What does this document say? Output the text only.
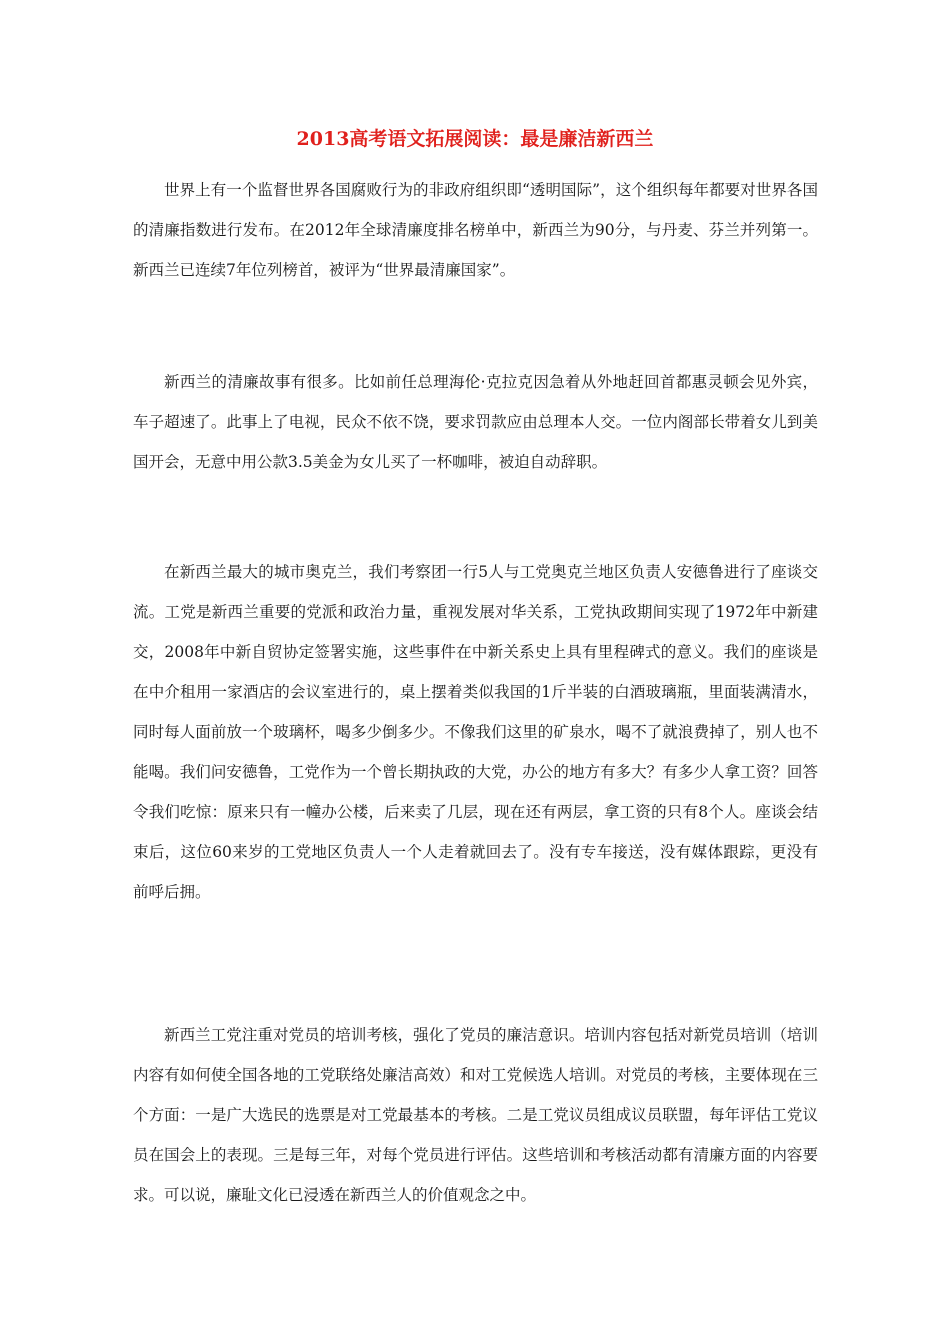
2013高考语文拓展阅读：最是廉洁新西兰

世界上有一个监督世界各国腐败行为的非政府组织即“透明国际”，这个组织每年都要对世界各国的清廉指数进行发布。在2012年全球清廉度排名榜单中，新西兰为90分，与丹麦、芬兰并列第一。新西兰已连续7年位列榜首，被评为“世界最清廉国家”。

新西兰的清廉故事有很多。比如前任总理海伦·克拉克因急着从外地赶回首都惠灵顿会见外宾，车子超速了。此事上了电视，民众不依不饶，要求罚款应由总理本人交。一位内阁部长带着女儿到美国开会，无意中用公款3.5美金为女儿买了一杯咖啡，被迫自动辞职。

在新西兰最大的城市奥克兰，我们考察团一行5人与工党奥克兰地区负责人安德鲁进行了座谈交流。工党是新西兰重要的党派和政治力量，重视发展对华关系，工党执政期间实现了1972年中新建交，2008年中新自贸协定签署实施，这些事件在中新关系史上具有里程碑式的意义。我们的座谈是在中介租用一家酒店的会议室进行的，桌上摆着类似我国的1斤半装的白酒玻璃瓶，里面装满清水，同时每人面前放一个玻璃杯，喝多少倒多少。不像我们这里的矿泉水，喝不了就浪费掉了，别人也不能喝。我们问安德鲁，工党作为一个曾长期执政的大党，办公的地方有多大？有多少人拿工资？回答令我们吃惊：原来只有一幢办公楼，后来卖了几层，现在还有两层，拿工资的只有8个人。座谈会结束后，这位60来岁的工党地区负责人一个人走着就回去了。没有专车接送，没有媒体跟踪，更没有前呼后拥。

新西兰工党注重对党员的培训考核，强化了党员的廉洁意识。培训内容包括对新党员培训（培训内容有如何使全国各地的工党联络处廉洁高效）和对工党候选人培训。对党员的考核，主要体现在三个方面：一是广大选民的选票是对工党最基本的考核。二是工党议员组成议员联盟，每年评估工党议员在国会上的表现。三是每三年，对每个党员进行评估。这些培训和考核活动都有清廉方面的内容要求。可以说，廉耻文化已浸透在新西兰人的价值观念之中。
